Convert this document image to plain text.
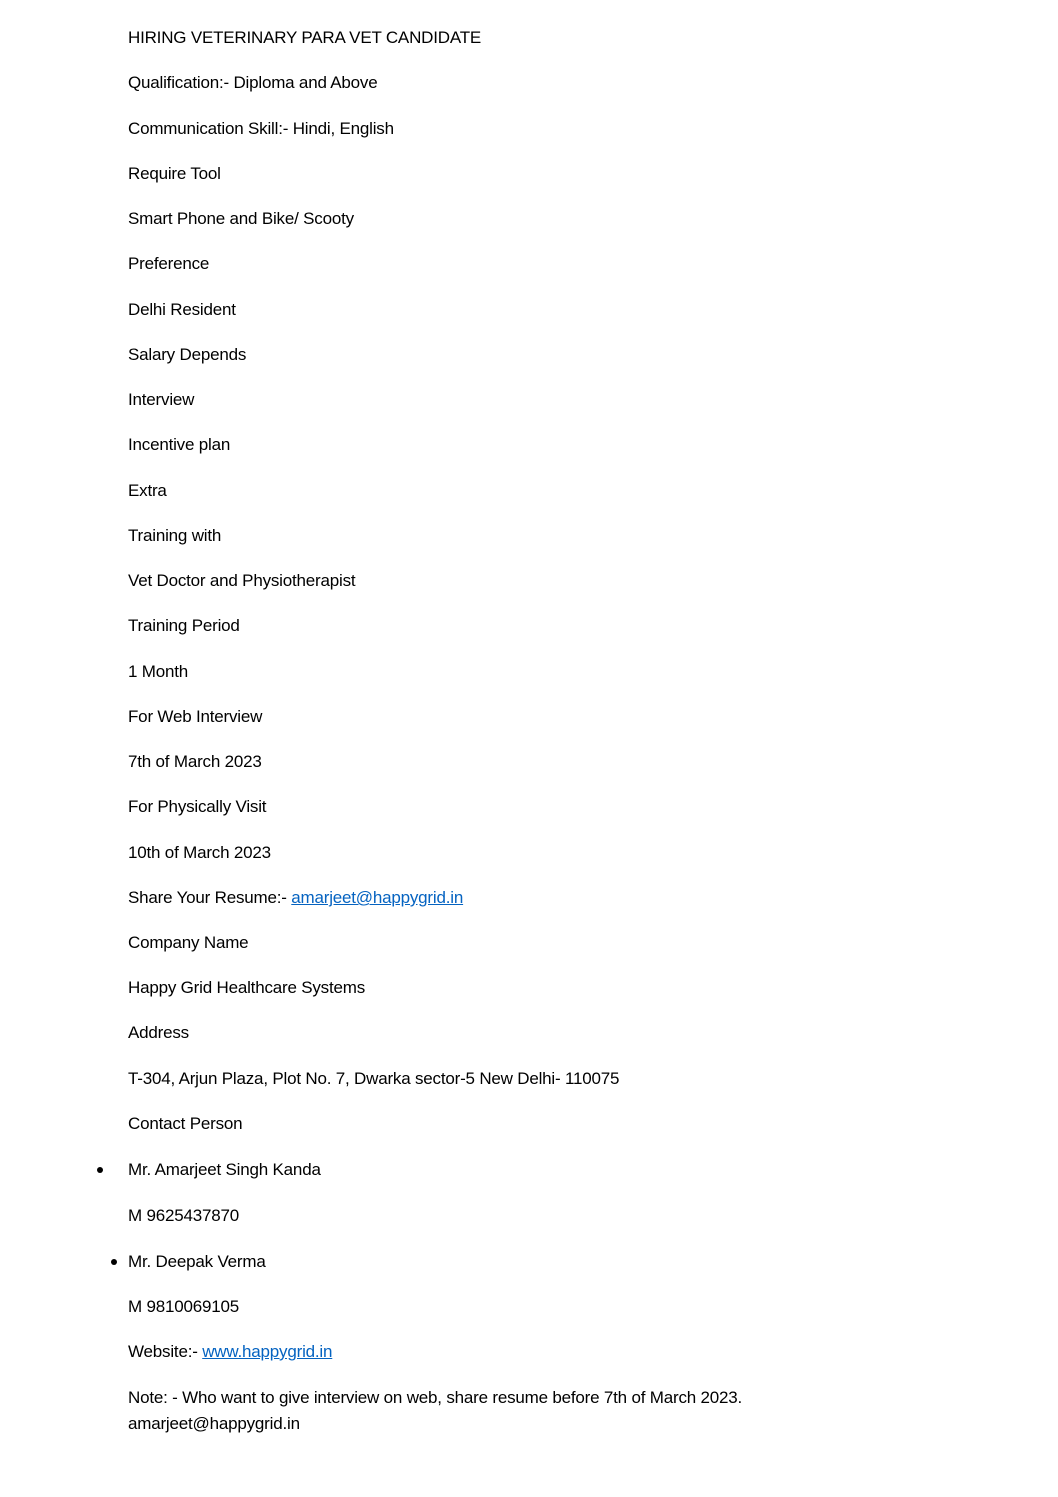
HIRING VETERINARY PARA VET CANDIDATE
Qualification:- Diploma and Above
Communication Skill:- Hindi, English
Require Tool
Smart Phone and Bike/ Scooty
Preference
Delhi Resident
Salary Depends
Interview
Incentive plan
Extra
Training with
Vet Doctor and Physiotherapist
Training Period
1 Month
For Web Interview
7th of March 2023
For Physically Visit
10th of March 2023
Share Your Resume:- amarjeet@happygrid.in
Company Name
Happy Grid Healthcare Systems
Address
T-304, Arjun Plaza, Plot No. 7, Dwarka sector-5 New Delhi- 110075
Contact Person
Mr. Amarjeet Singh Kanda
M 9625437870
Mr. Deepak Verma
M 9810069105
Website:- www.happygrid.in
Note: - Who want to give interview on web, share resume before 7th of March 2023.
amarjeet@happygrid.in
